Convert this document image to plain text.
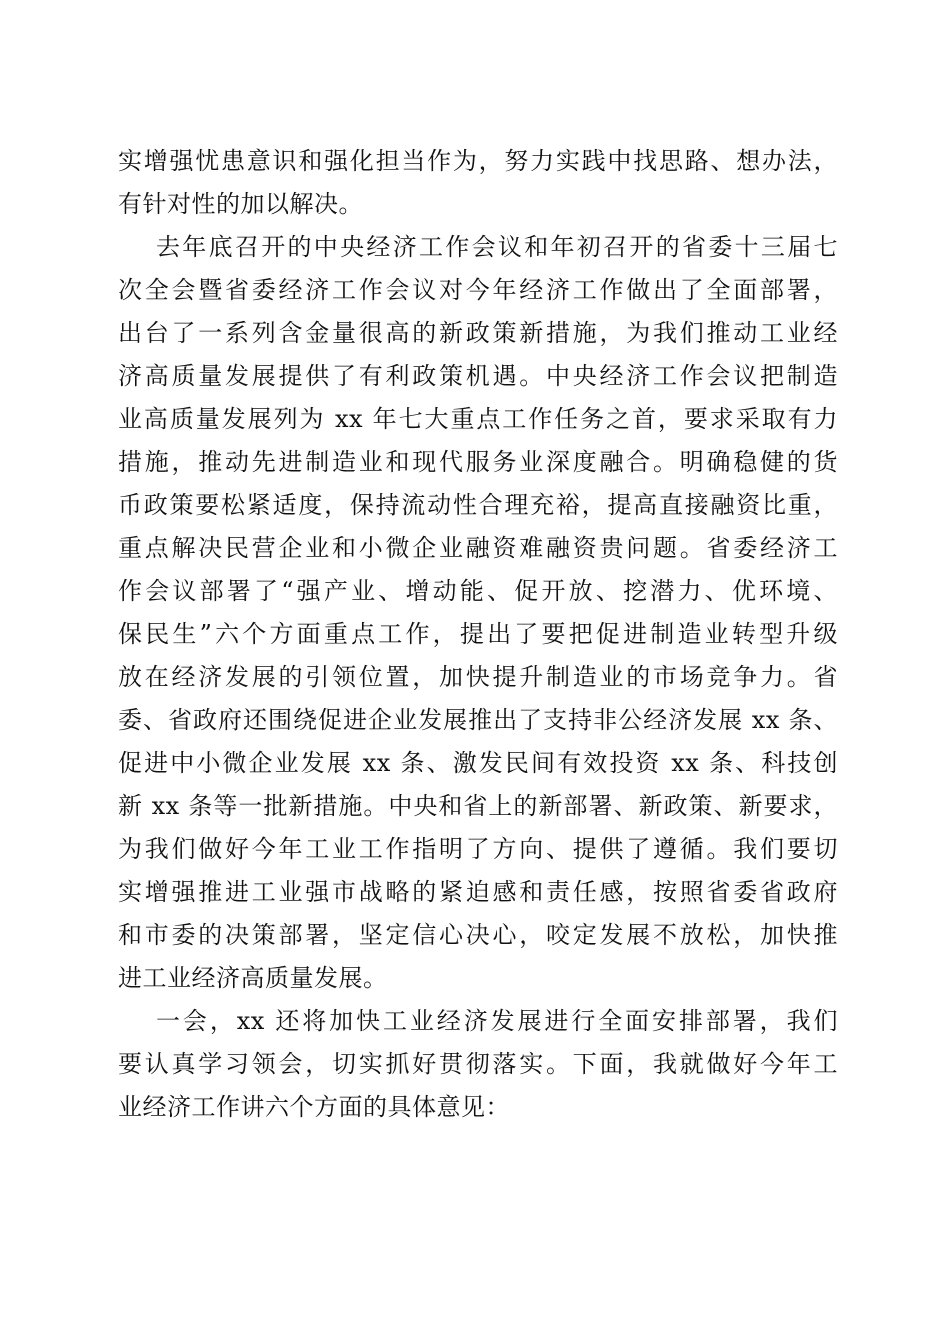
实增强忧患意识和强化担当作为，努力实践中找思路、想办法，
有针对性的加以解决。
去年底召开的中央经济工作会议和年初召开的省委十三届七
次全会暨省委经济工作会议对今年经济工作做出了全面部署，
出台了一系列含金量很高的新政策新措施，为我们推动工业经
济高质量发展提供了有利政策机遇。中央经济工作会议把制造
业高质量发展列为 xx 年七大重点工作任务之首，要求采取有力
措施，推动先进制造业和现代服务业深度融合。明确稳健的货
币政策要松紧适度，保持流动性合理充裕，提高直接融资比重，
重点解决民营企业和小微企业融资难融资贵问题。省委经济工
作会议部署了“强产业、增动能、促开放、挖潜力、优环境、
保民生”六个方面重点工作，提出了要把促进制造业转型升级
放在经济发展的引领位置，加快提升制造业的市场竞争力。省
委、省政府还围绕促进企业发展推出了支持非公经济发展 xx 条、
促进中小微企业发展 xx 条、激发民间有效投资 xx 条、科技创
新 xx 条等一批新措施。中央和省上的新部署、新政策、新要求，
为我们做好今年工业工作指明了方向、提供了遵循。我们要切
实增强推进工业强市战略的紧迫感和责任感，按照省委省政府
和市委的决策部署，坚定信心决心，咬定发展不放松，加快推
进工业经济高质量发展。
一会，xx 还将加快工业经济发展进行全面安排部署，我们
要认真学习领会，切实抓好贯彻落实。下面，我就做好今年工
业经济工作讲六个方面的具体意见：
